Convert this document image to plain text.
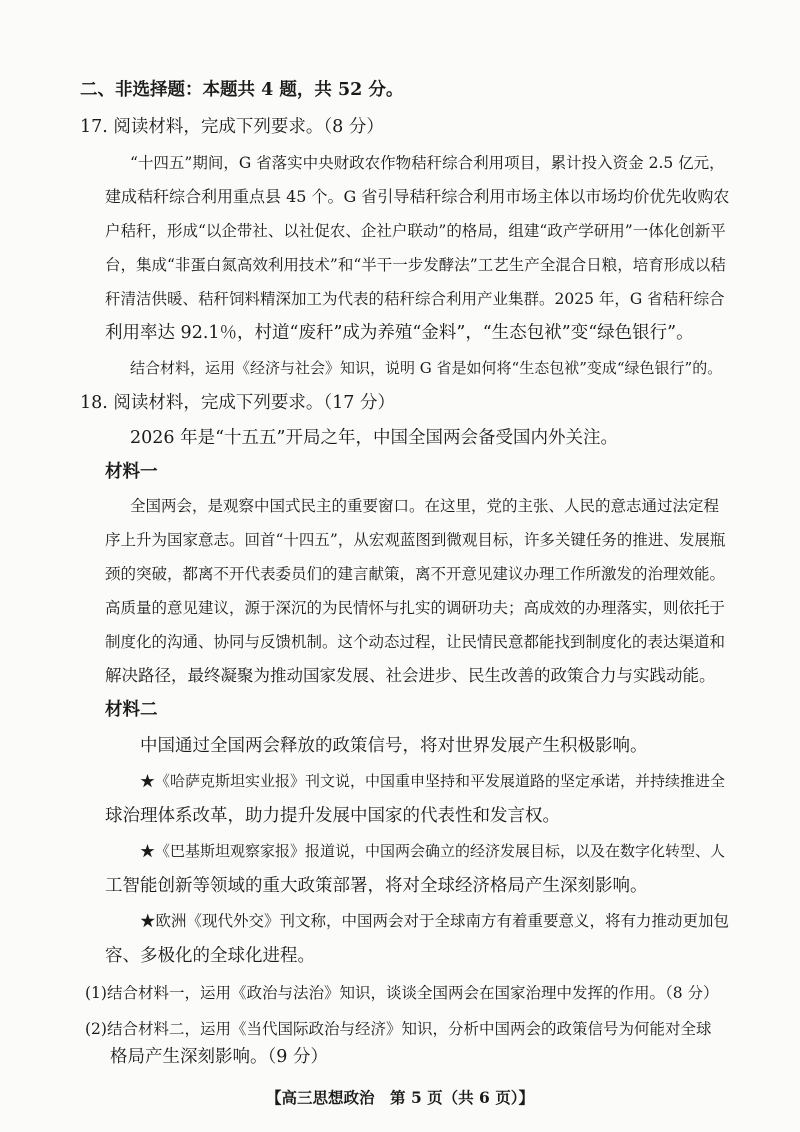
二、非选择题：本题共 4 题，共 52 分。

17. 阅读材料，完成下列要求。（8 分）

“十四五”期间，G 省落实中央财政农作物秸秆综合利用项目，累计投入资金 2.5 亿元，

建成秸秆综合利用重点县 45 个。G 省引导秸秆综合利用市场主体以市场均价优先收购农

户秸秆，形成“以企带社、以社促农、企社户联动”的格局，组建“政产学研用”一体化创新平

台，集成“非蛋白氮高效利用技术”和“半干一步发酵法”工艺生产全混合日粮，培育形成以秸

秆清洁供暖、秸秆饲料精深加工为代表的秸秆综合利用产业集群。2025 年，G 省秸秆综合

利用率达 92.1％，村道“废秆”成为养殖“金料”，“生态包袱”变“绿色银行”。

结合材料，运用《经济与社会》知识，说明 G 省是如何将“生态包袱”变成“绿色银行”的。

18. 阅读材料，完成下列要求。（17 分）

2026 年是“十五五”开局之年，中国全国两会备受国内外关注。

材料一

全国两会，是观察中国式民主的重要窗口。在这里，党的主张、人民的意志通过法定程

序上升为国家意志。回首“十四五”，从宏观蓝图到微观目标，许多关键任务的推进、发展瓶

颈的突破，都离不开代表委员们的建言献策，离不开意见建议办理工作所激发的治理效能。

高质量的意见建议，源于深沉的为民情怀与扎实的调研功夫；高成效的办理落实，则依托于

制度化的沟通、协同与反馈机制。这个动态过程，让民情民意都能找到制度化的表达渠道和

解决路径，最终凝聚为推动国家发展、社会进步、民生改善的政策合力与实践动能。

材料二

中国通过全国两会释放的政策信号，将对世界发展产生积极影响。

★《哈萨克斯坦实业报》刊文说，中国重申坚持和平发展道路的坚定承诺，并持续推进全

球治理体系改革，助力提升发展中国家的代表性和发言权。

★《巴基斯坦观察家报》报道说，中国两会确立的经济发展目标，以及在数字化转型、人

工智能创新等领域的重大政策部署，将对全球经济格局产生深刻影响。

★欧洲《现代外交》刊文称，中国两会对于全球南方有着重要意义，将有力推动更加包

容、多极化的全球化进程。

(1)结合材料一，运用《政治与法治》知识，谈谈全国两会在国家治理中发挥的作用。（8 分）

(2)结合材料二，运用《当代国际政治与经济》知识，分析中国两会的政策信号为何能对全球

格局产生深刻影响。（9 分）

【高三思想政治　第 5 页（共 6 页）】
